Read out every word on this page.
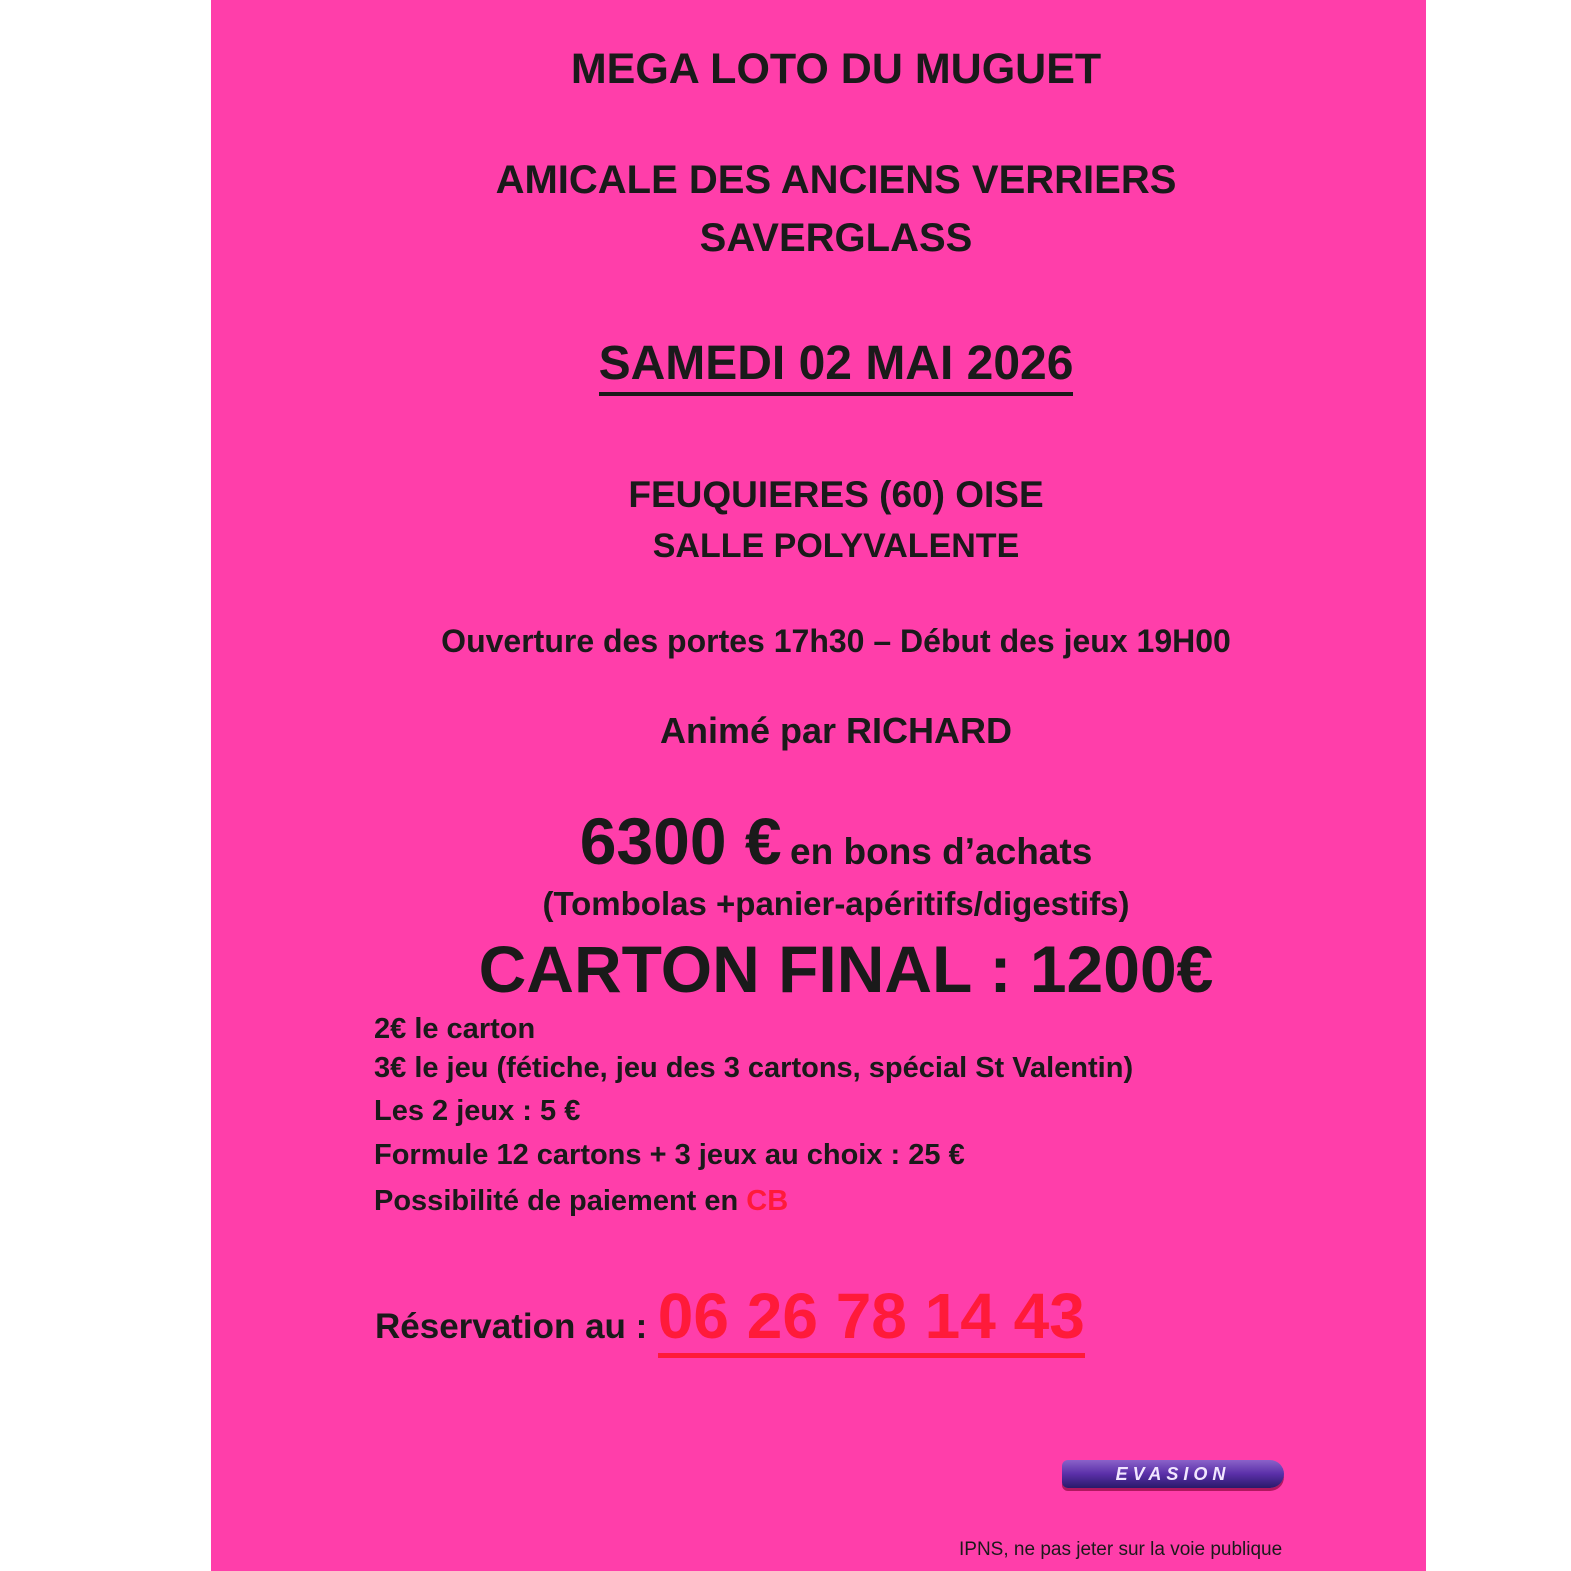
MEGA LOTO DU MUGUET

AMICALE DES ANCIENS VERRIERS

SAVERGLASS

SAMEDI 02 MAI 2026

FEUQUIERES (60) OISE

SALLE POLYVALENTE

Ouverture des portes 17h30 – Début des jeux 19H00

Animé par RICHARD

6300 € en bons d’achats

(Tombolas +panier-apéritifs/digestifs)

CARTON FINAL : 1200€

2€ le carton

3€ le jeu (fétiche, jeu des 3 cartons, spécial St Valentin)

Les 2 jeux : 5 €

Formule 12 cartons + 3 jeux au choix : 25 €

Possibilité de paiement en CB

Réservation au : 06 26 78 14 43

EVASION

IPNS, ne pas jeter sur la voie publique
